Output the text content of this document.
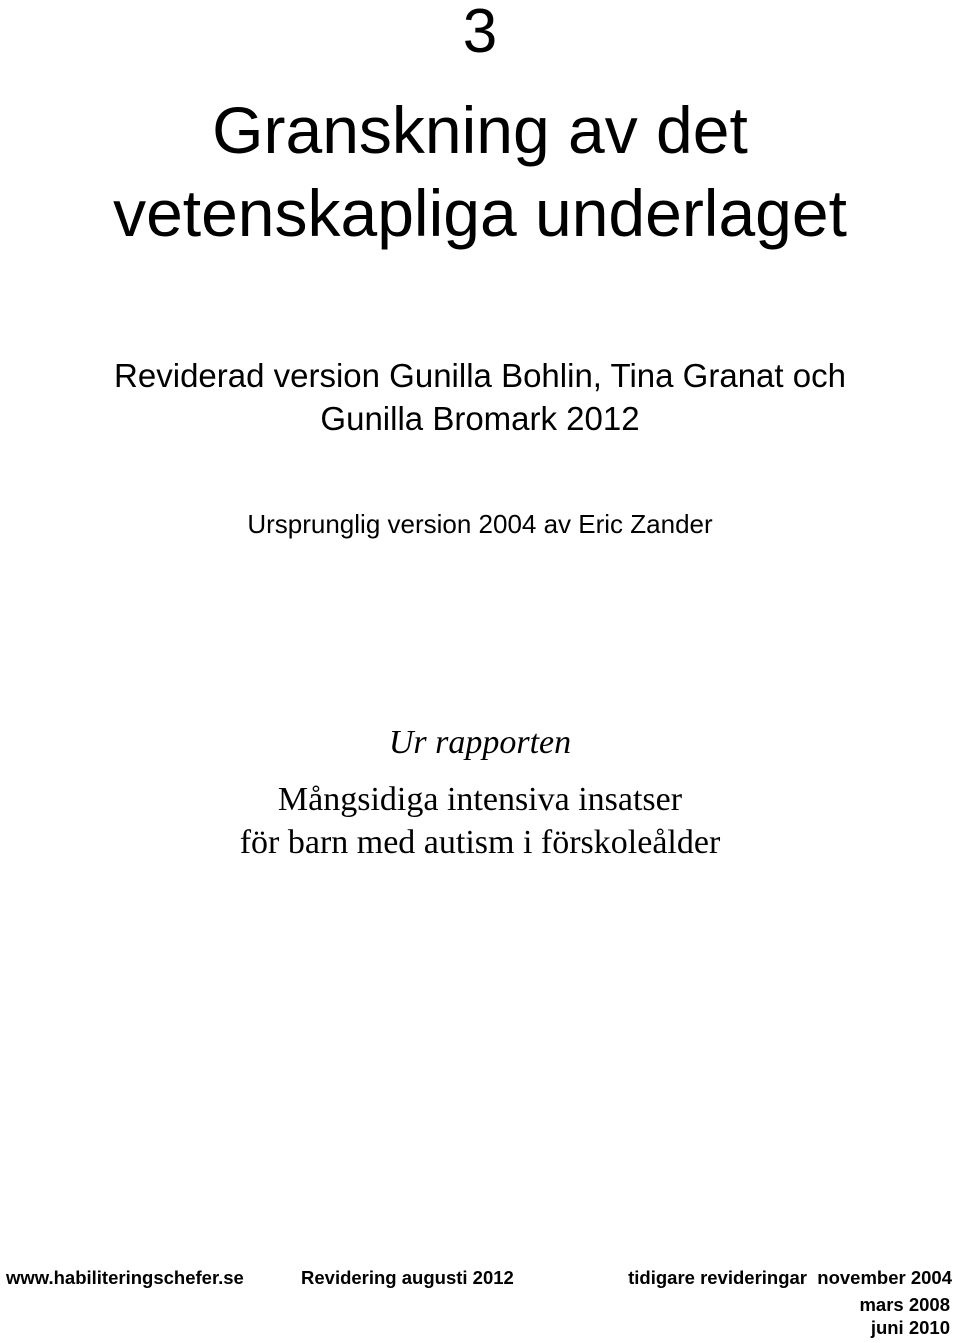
3
Granskning av det
vetenskapliga underlaget
Reviderad version Gunilla Bohlin, Tina Granat och
Gunilla Bromark 2012
Ursprunglig version 2004 av Eric Zander
Ur rapporten
Mångsidiga intensiva insatser
för barn med autism i förskoleålder
www.habiliteringschefer.se	Revidering augusti 2012	tidigare revideringar  november 2004
mars 2008
juni 2010
